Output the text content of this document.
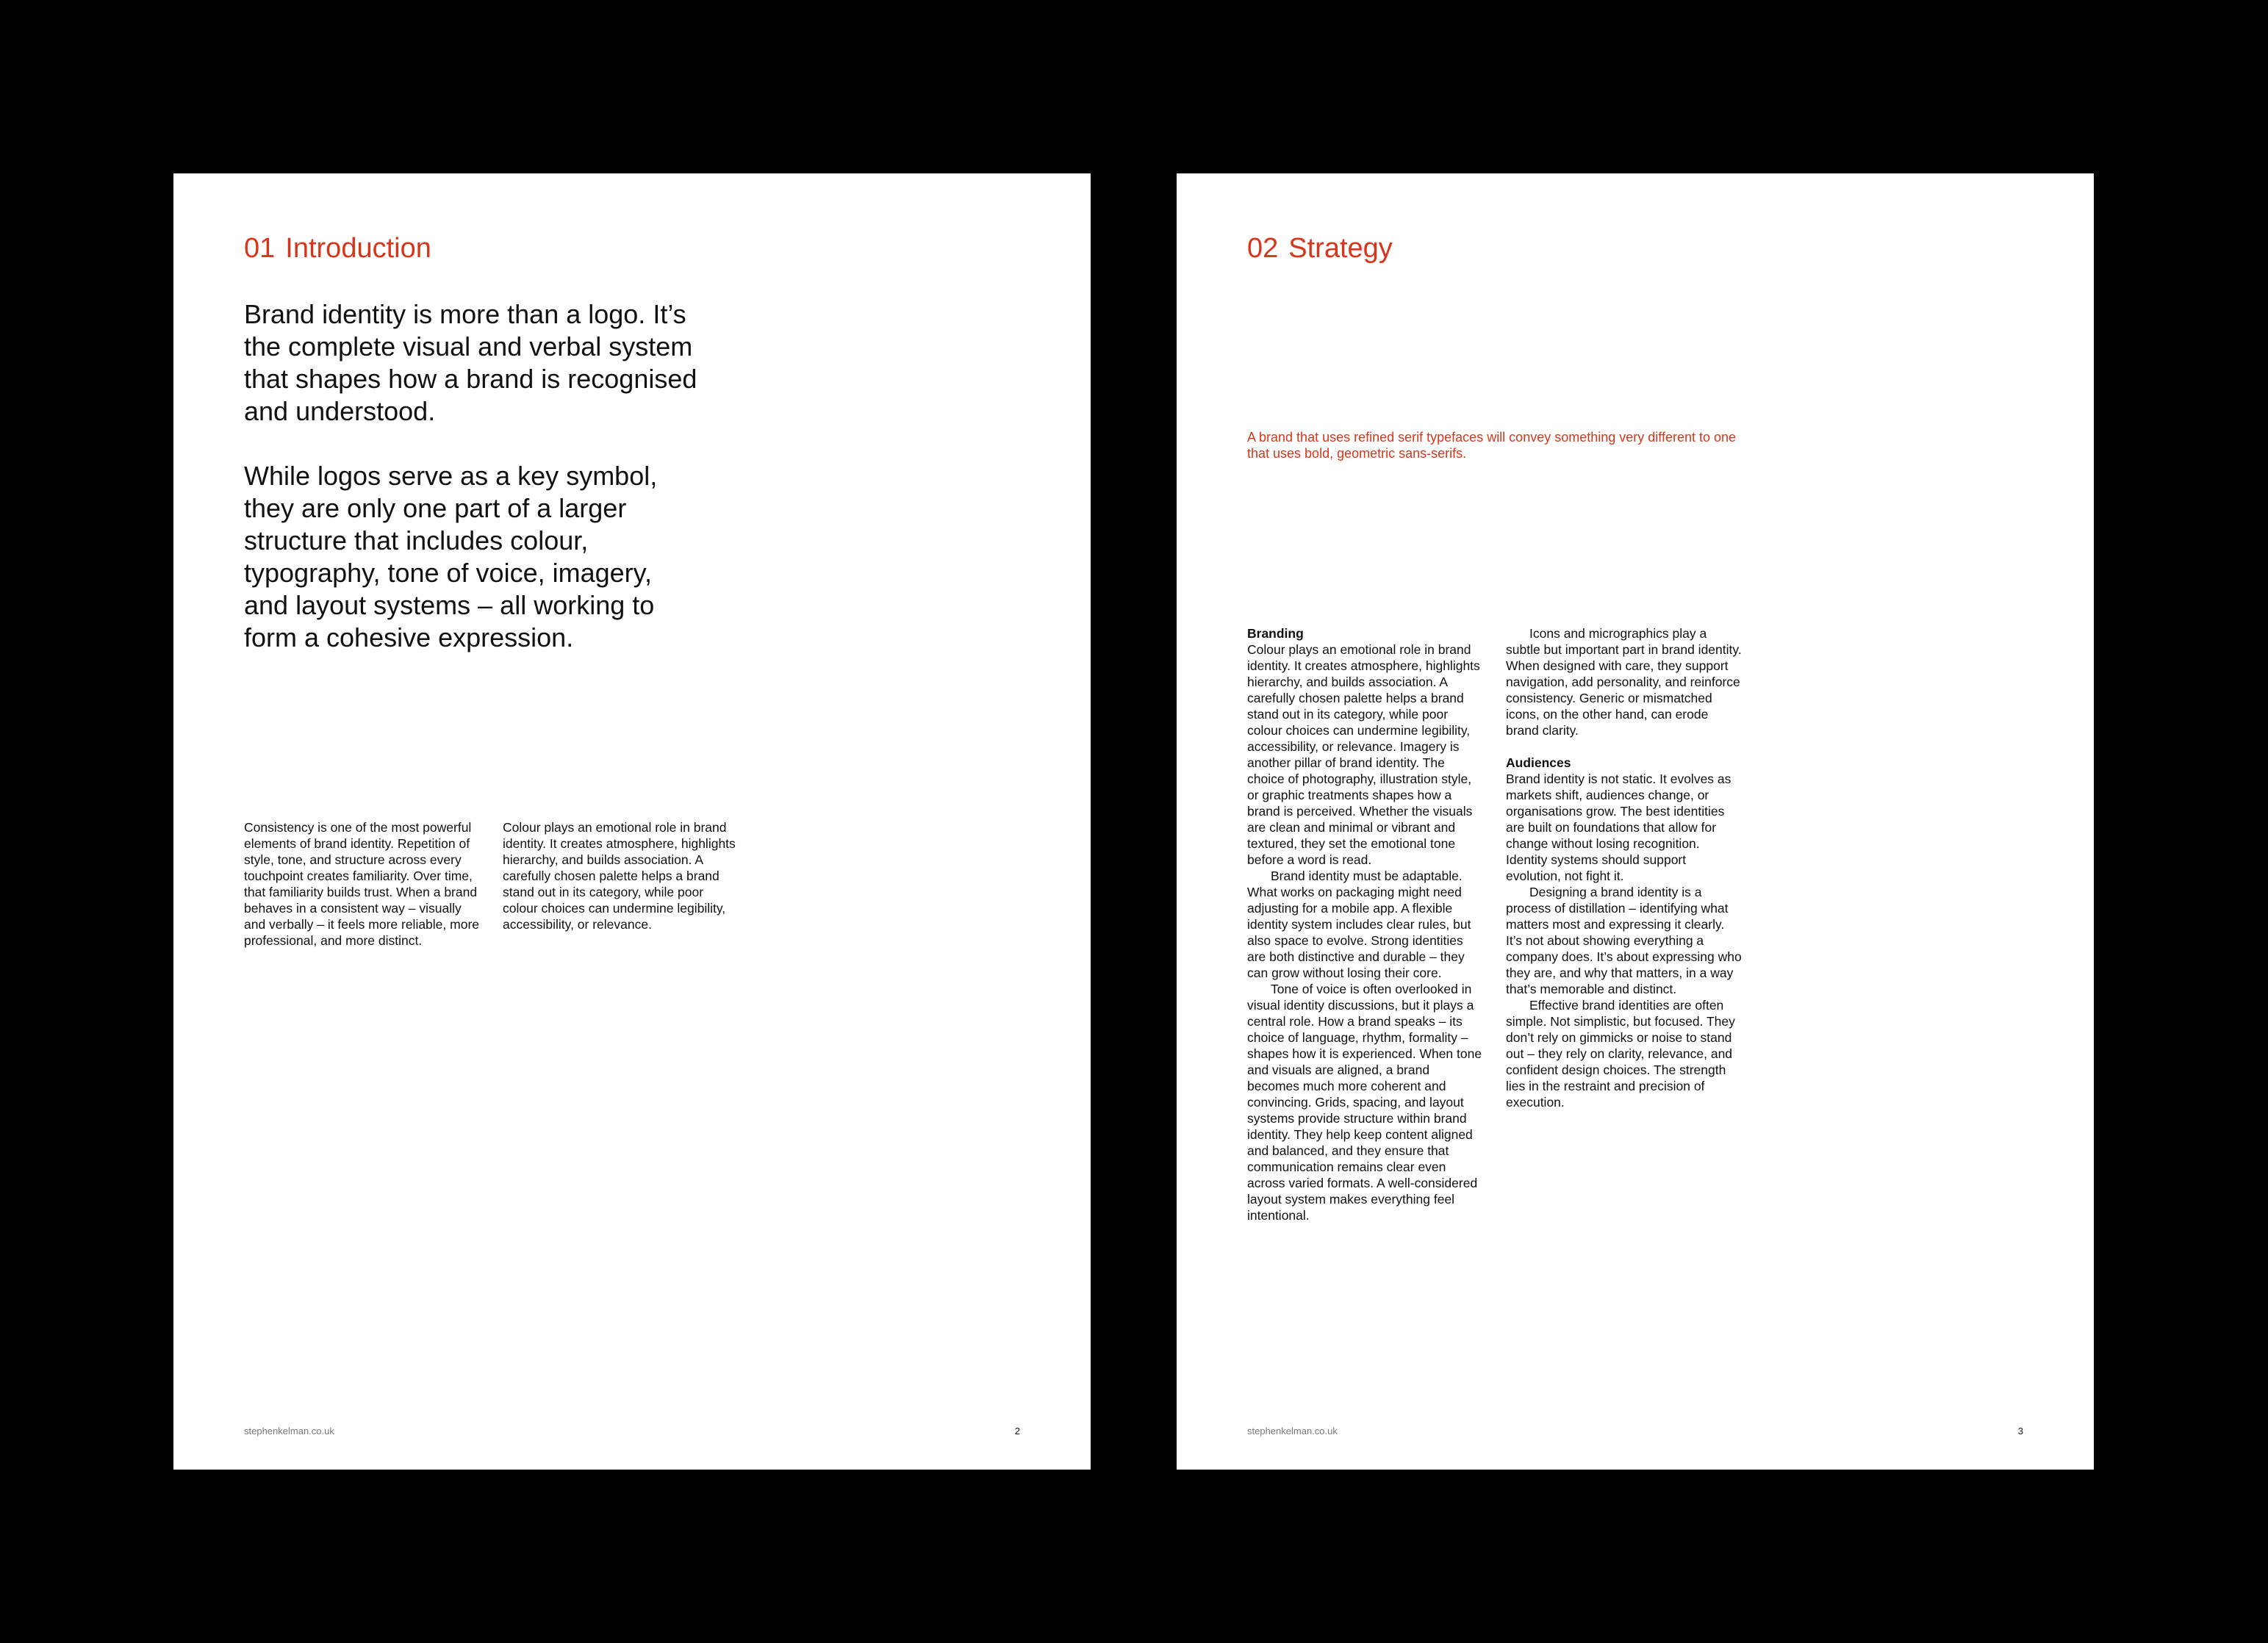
01 Introduction

Brand identity is more than a logo. It’s the complete visual and verbal system that shapes how a brand is recognised and understood.

While logos serve as a key symbol, they are only one part of a larger structure that includes colour, typography, tone of voice, imagery, and layout systems – all working to form a cohesive expression.

Consistency is one of the most powerful elements of brand identity. Repetition of style, tone, and structure across every touchpoint creates familiarity. Over time, that familiarity builds trust. When a brand behaves in a consistent way – visually and verbally – it feels more reliable, more professional, and more distinct.

Colour plays an emotional role in brand identity. It creates atmosphere, highlights hierarchy, and builds association. A carefully chosen palette helps a brand stand out in its category, while poor colour choices can undermine legibility, accessibility, or relevance.

stephenkelman.co.uk	2
02 Strategy

A brand that uses refined serif typefaces will convey something very different to one that uses bold, geometric sans-serifs.

Branding

Colour plays an emotional role in brand identity. It creates atmosphere, highlights hierarchy, and builds association. A carefully chosen palette helps a brand stand out in its category, while poor colour choices can undermine legibility, accessibility, or relevance. Imagery is another pillar of brand identity. The choice of photography, illustration style, or graphic treatments shapes how a brand is perceived. Whether the visuals are clean and minimal or vibrant and textured, they set the emotional tone before a word is read.

Brand identity must be adaptable. What works on packaging might need adjusting for a mobile app. A flexible identity system includes clear rules, but also space to evolve. Strong identities are both distinctive and durable – they can grow without losing their core.

Tone of voice is often overlooked in visual identity discussions, but it plays a central role. How a brand speaks – its choice of language, rhythm, formality – shapes how it is experienced. When tone and visuals are aligned, a brand becomes much more coherent and convincing. Grids, spacing, and layout systems provide structure within brand identity. They help keep content aligned and balanced, and they ensure that communication remains clear even across varied formats. A well-considered layout system makes everything feel intentional.

Icons and micrographics play a subtle but important part in brand identity. When designed with care, they support navigation, add personality, and reinforce consistency. Generic or mismatched icons, on the other hand, can erode brand clarity.

Audiences

Brand identity is not static. It evolves as markets shift, audiences change, or organisations grow. The best identities are built on foundations that allow for change without losing recognition. Identity systems should support evolution, not fight it.

Designing a brand identity is a process of distillation – identifying what matters most and expressing it clearly. It’s not about showing everything a company does. It’s about expressing who they are, and why that matters, in a way that’s memorable and distinct.

Effective brand identities are often simple. Not simplistic, but focused. They don’t rely on gimmicks or noise to stand out – they rely on clarity, relevance, and confident design choices. The strength lies in the restraint and precision of execution.

stephenkelman.co.uk	3
